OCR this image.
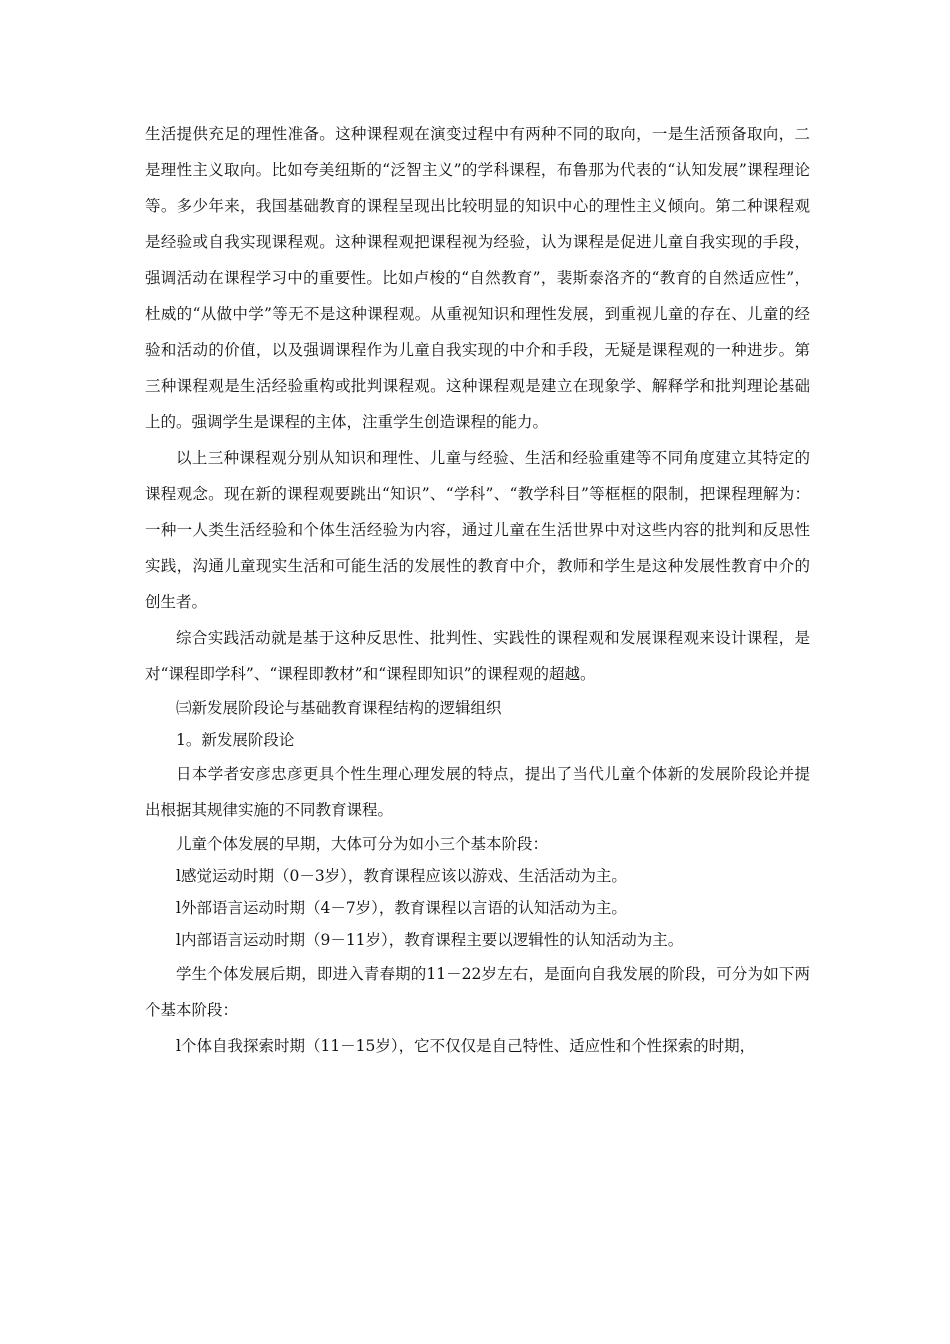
生活提供充足的理性准备。这种课程观在演变过程中有两种不同的取向，一是生活预备取向，二是理性主义取向。比如夸美纽斯的“泛智主义”的学科课程，布鲁那为代表的“认知发展”课程理论等。多少年来，我国基础教育的课程呈现出比较明显的知识中心的理性主义倾向。第二种课程观是经验或自我实现课程观。这种课程观把课程视为经验，认为课程是促进儿童自我实现的手段，强调活动在课程学习中的重要性。比如卢梭的“自然教育”，裴斯泰洛齐的“教育的自然适应性”，杜威的“从做中学”等无不是这种课程观。从重视知识和理性发展，到重视儿童的存在、儿童的经验和活动的价值，以及强调课程作为儿童自我实现的中介和手段，无疑是课程观的一种进步。第三种课程观是生活经验重构或批判课程观。这种课程观是建立在现象学、解释学和批判理论基础上的。强调学生是课程的主体，注重学生创造课程的能力。

以上三种课程观分别从知识和理性、儿童与经验、生活和经验重建等不同角度建立其特定的课程观念。现在新的课程观要跳出“知识”、“学科”、“教学科目”等框框的限制，把课程理解为：一种一人类生活经验和个体生活经验为内容，通过儿童在生活世界中对这些内容的批判和反思性实践，沟通儿童现实生活和可能生活的发展性的教育中介，教师和学生是这种发展性教育中介的创生者。

综合实践活动就是基于这种反思性、批判性、实践性的课程观和发展课程观来设计课程，是对“课程即学科”、“课程即教材”和“课程即知识”的课程观的超越。

㈢新发展阶段论与基础教育课程结构的逻辑组织

1。新发展阶段论

日本学者安彦忠彦更具个性生理心理发展的特点，提出了当代儿童个体新的发展阶段论并提出根据其规律实施的不同教育课程。

儿童个体发展的早期，大体可分为如小三个基本阶段：

l感觉运动时期（0－3岁），教育课程应该以游戏、生活活动为主。

l外部语言运动时期（4－7岁），教育课程以言语的认知活动为主。

l内部语言运动时期（9－11岁），教育课程主要以逻辑性的认知活动为主。

学生个体发展后期，即进入青春期的11－22岁左右，是面向自我发展的阶段，可分为如下两个基本阶段：

l个体自我探索时期（11－15岁），它不仅仅是自己特性、适应性和个性探索的时期，
